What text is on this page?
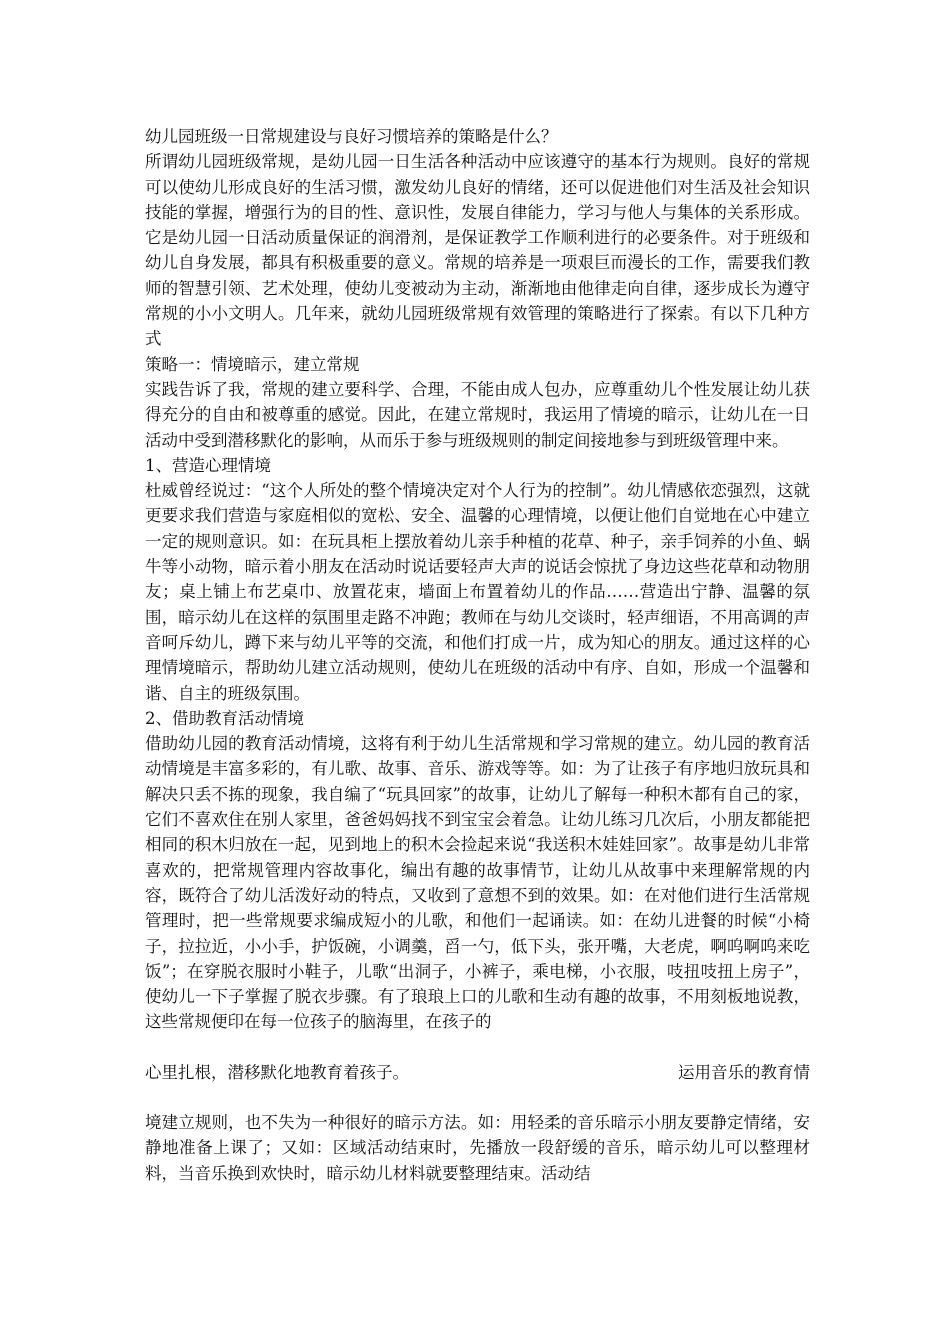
幼儿园班级一日常规建设与良好习惯培养的策略是什么？

所谓幼儿园班级常规，是幼儿园一日生活各种活动中应该遵守的基本行为规则。良好的常规可以使幼儿形成良好的生活习惯，激发幼儿良好的情绪，还可以促进他们对生活及社会知识技能的掌握，增强行为的目的性、意识性，发展自律能力，学习与他人与集体的关系形成。它是幼儿园一日活动质量保证的润滑剂，是保证教学工作顺利进行的必要条件。对于班级和幼儿自身发展，都具有积极重要的意义。常规的培养是一项艰巨而漫长的工作，需要我们教师的智慧引领、艺术处理，使幼儿变被动为主动，渐渐地由他律走向自律，逐步成长为遵守常规的小小文明人。几年来，就幼儿园班级常规有效管理的策略进行了探索。有以下几种方式

策略一：情境暗示，建立常规

实践告诉了我，常规的建立要科学、合理，不能由成人包办，应尊重幼儿个性发展让幼儿获得充分的自由和被尊重的感觉。因此，在建立常规时，我运用了情境的暗示，让幼儿在一日活动中受到潜移默化的影响，从而乐于参与班级规则的制定间接地参与到班级管理中来。

1、营造心理情境

杜威曾经说过：“这个人所处的整个情境决定对个人行为的控制”。幼儿情感依恋强烈，这就更要求我们营造与家庭相似的宽松、安全、温馨的心理情境，以便让他们自觉地在心中建立一定的规则意识。如：在玩具柜上摆放着幼儿亲手种植的花草、种子，亲手饲养的小鱼、蜗牛等小动物，暗示着小朋友在活动时说话要轻声大声的说话会惊扰了身边这些花草和动物朋友；桌上铺上布艺桌巾、放置花束，墙面上布置着幼儿的作品……营造出宁静、温馨的氛围，暗示幼儿在这样的氛围里走路不冲跑；教师在与幼儿交谈时，轻声细语，不用高调的声音呵斥幼儿，蹲下来与幼儿平等的交流，和他们打成一片，成为知心的朋友。通过这样的心理情境暗示，帮助幼儿建立活动规则，使幼儿在班级的活动中有序、自如，形成一个温馨和谐、自主的班级氛围。

2、借助教育活动情境

借助幼儿园的教育活动情境，这将有利于幼儿生活常规和学习常规的建立。幼儿园的教育活动情境是丰富多彩的，有儿歌、故事、音乐、游戏等等。如：为了让孩子有序地归放玩具和解决只丢不拣的现象，我自编了“玩具回家”的故事，让幼儿了解每一种积木都有自己的家，它们不喜欢住在别人家里，爸爸妈妈找不到宝宝会着急。让幼儿练习几次后，小朋友都能把相同的积木归放在一起，见到地上的积木会捡起来说“我送积木娃娃回家”。故事是幼儿非常喜欢的，把常规管理内容故事化，编出有趣的故事情节，让幼儿从故事中来理解常规的内容，既符合了幼儿活泼好动的特点，又收到了意想不到的效果。如：在对他们进行生活常规管理时，把一些常规要求编成短小的儿歌，和他们一起诵读。如：在幼儿进餐的时候“小椅子，拉拉近，小小手，护饭碗，小调羹，舀一勺，低下头，张开嘴，大老虎，啊呜啊呜来吃饭”；在穿脱衣服时小鞋子，儿歌“出洞子，小裤子，乘电梯，小衣服，吱扭吱扭上房子”，使幼儿一下子掌握了脱衣步骤。有了琅琅上口的儿歌和生动有趣的故事，不用刻板地说教，这些常规便印在每一位孩子的脑海里，在孩子的

心里扎根，潜移默化地教育着孩子。	运用音乐的教育情

境建立规则，也不失为一种很好的暗示方法。如：用轻柔的音乐暗示小朋友要静定情绪，安静地准备上课了；又如：区域活动结束时，先播放一段舒缓的音乐，暗示幼儿可以整理材料，当音乐换到欢快时，暗示幼儿材料就要整理结束。活动结
